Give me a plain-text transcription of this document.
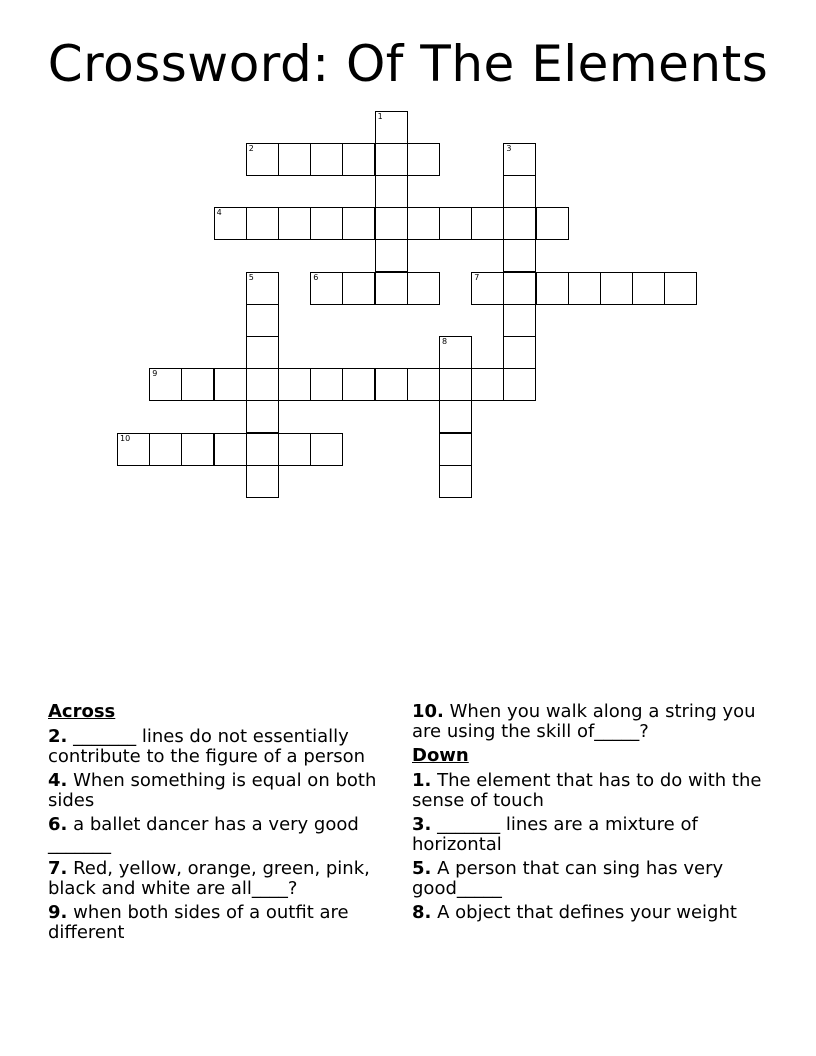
Crossword: Of The Elements
1
2	3
4
5	6	7
8
9
10
Across
2. _______ lines do not essentially contribute to the figure of a person
4. When something is equal on both sides
6. a ballet dancer has a very good _______
7. Red, yellow, orange, green, pink, black and white are all____?
9. when both sides of a outfit are different
10. When you walk along a string you are using the skill of_____?
Down
1. The element that has to do with the sense of touch
3. _______ lines are a mixture of horizontal
5. A person that can sing has very good_____
8. A object that defines your weight
